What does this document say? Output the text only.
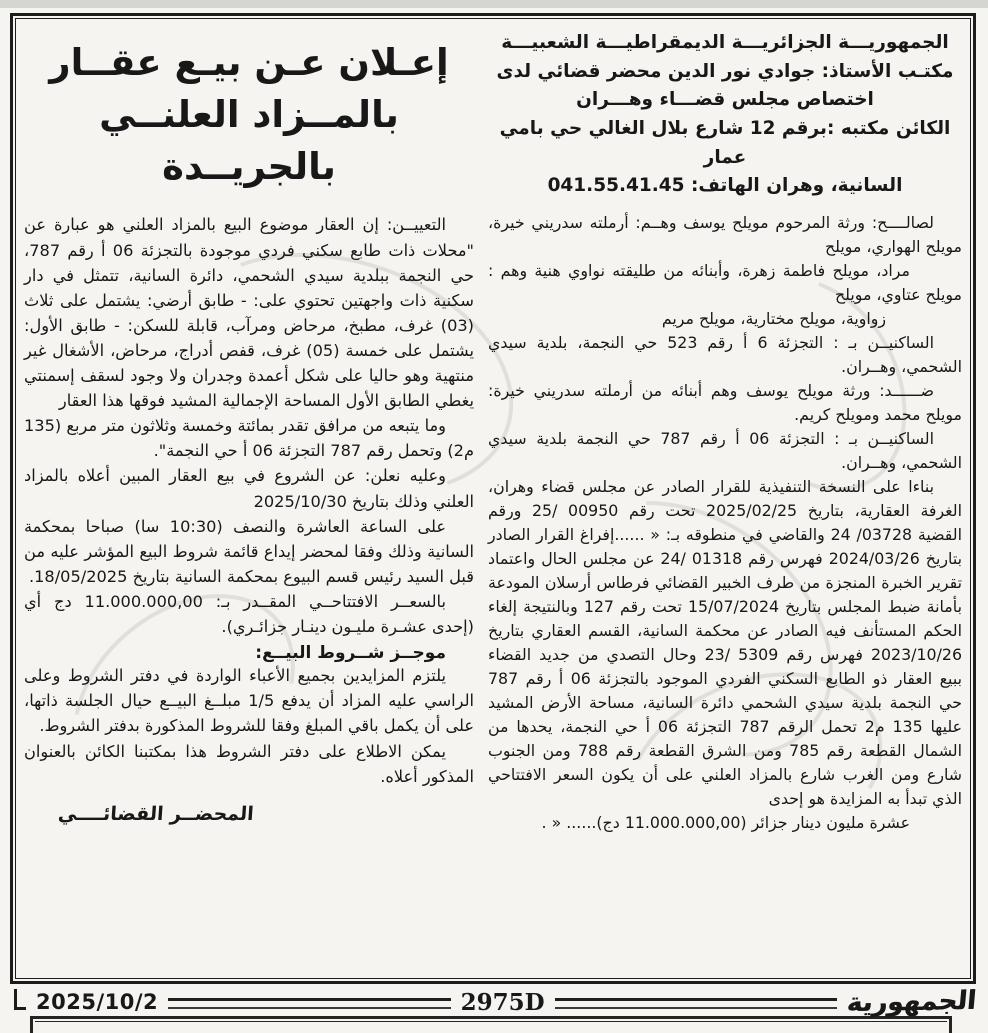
الجمهوريـــة الجزائريـــة الديمقراطيـــة الشعبيـــة
مكتـب الأستاذ: جوادي نور الدين محضر قضائي لدى
اختصاص مجلس قضـــاء وهـــران
الكائن مكتبه :برقم 12 شارع بلال الغالي حي بامي عمار
السانية، وهران الهاتف: 041.55.41.45

لصالــــح: ورثة المرحوم مويلح يوسف وهــم: أرملته سدريني خيرة، مويلح الهواري، مويلح

مراد، مويلح فاطمة زهرة، وأبنائه من طليقته نواوي هنية وهم : مويلح عتاوي، مويلح

زواوية، مويلح مختارية، مويلح مريم

الساكنيــن بـ : التجزئة 6 أ رقم 523 حي النجمة، بلدية سيدي الشحمي، وهــران.

ضــــــد: ورثة مويلح يوسف وهم أبنائه من أرملته سدريني خيرة: مويلح محمد ومويلح كريم.

الساكنيــن بـ : التجزئة 06 أ رقم 787 حي النجمة بلدية سيدي الشحمي، وهــران.

بناءا على النسخة التنفيذية للقرار الصادر عن مجلس قضاء وهران، الغرفة العقارية، بتاريخ 2025/02/25 تحت رقم 00950 /25 ورقم القضية 03728/ 24 والقاضي في منطوقه بـ: « ......إفراغ القرار الصادر بتاريخ 2024/03/26 فهرس رقم 01318 /24 عن مجلس الحال واعتماد تقرير الخبرة المنجزة من طرف الخبير القضائي فرطاس أرسلان المودعة بأمانة ضبط المجلس بتاريخ 15/07/2024 تحت رقم 127 وبالنتيجة إلغاء الحكم المستأنف فيه الصادر عن محكمة السانية، القسم العقاري بتاريخ 2023/10/26 فهرس رقم 5309 /23 وحال التصدي من جديد القضاء ببيع العقار ذو الطابع السكني الفردي الموجود بالتجزئة 06 أ رقم 787 حي النجمة بلدية سيدي الشحمي دائرة السانية، مساحة الأرض المشيد عليها 135 م2 تحمل الرقم 787 التجزئة 06 أ حي النجمة، يحدها من الشمال القطعة رقم 785 ومن الشرق القطعة رقم 788 ومن الجنوب شارع ومن الغرب شارع بالمزاد العلني على أن يكون السعر الافتتاحي الذي تبدأ به المزايدة هو إحدى

عشرة مليون دينار جزائر (11.000.000,00 دج)...... « .

إعـلان عـن بيـع عقــار
بالمــزاد العلنــي بالجريــدة

التعييــن: إن العقار موضوع البيع بالمزاد العلني هو عبارة عن "محلات ذات طابع سكني فردي موجودة بالتجزئة 06 أ رقم 787، حي النجمة ببلدية سيدي الشحمي، دائرة السانية، تتمثل في دار سكنية ذات واجهتين تحتوي على: - طابق أرضي: يشتمل على ثلاث (03) غرف، مطبخ، مرحاض ومرآب، قابلة للسكن: - طابق الأول: يشتمل على خمسة (05) غرف، قفص أدراج، مرحاض، الأشغال غير منتهية وهو حاليا على شكل أعمدة وجدران ولا وجود لسقف إسمنتي يغطي الطابق الأول المساحة الإجمالية المشيد فوقها هذا العقار

وما يتبعه من مرافق تقدر بمائتة وخمسة وثلاثون متر مربع (135 م2) وتحمل رقم 787 التجزئة 06 أ حي النجمة".

وعليه نعلن: عن الشروع في بيع العقار المبين أعلاه بالمزاد العلني وذلك بتاريخ 2025/10/30

على الساعة العاشرة والنصف (10:30 سا) صباحا بمحكمة السانية وذلك وفقا لمحضر إيداع قائمة شروط البيع المؤشر عليه من قبل السيد رئيس قسم البيوع بمحكمة السانية بتاريخ 18/05/2025.

بالسعــر الافتتاحــي المقــدر بـ: 11.000.000,00 دج أي (إحدى عشـرة مليـون دينـار جزائـري).

موجــز شــروط البيــع:

يلتزم المزايدين بجميع الأعباء الواردة في دفتر الشروط وعلى الراسي عليه المزاد أن يدفع 1/5 مبلــغ البيــع حيال الجلسة ذاتها، على أن يكمل باقي المبلغ وفقا للشروط المذكورة بدفتر الشروط.

يمكن الاطلاع على دفتر الشروط هذا بمكتبنا الكائن بالعنوان المذكور أعلاه.

المحضــر القضائــــي

2025/10/2	2975D	الجمهورية
